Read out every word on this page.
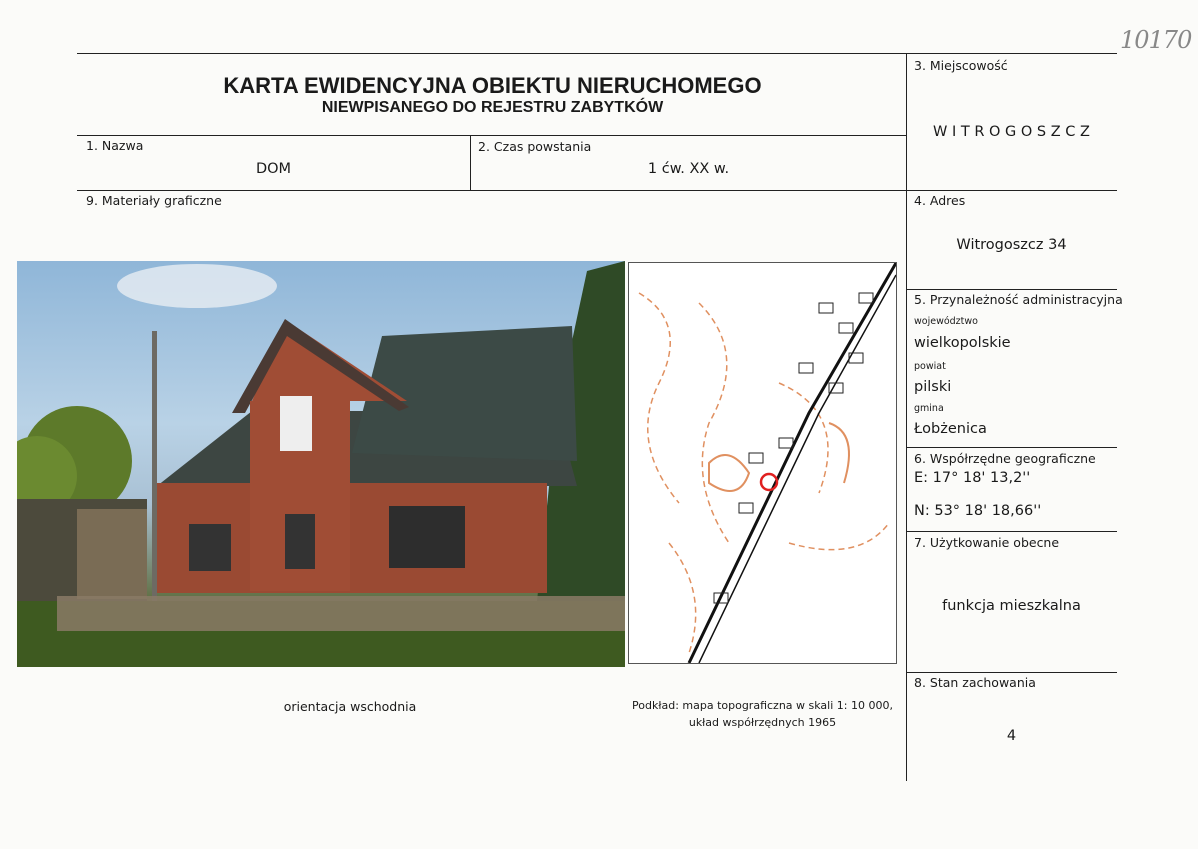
10170
KARTA EWIDENCYJNA OBIEKTU NIERUCHOMEGO
NIEWPISANEGO DO REJESTRU ZABYTKÓW
1. Nazwa
DOM
2. Czas powstania
1 ćw. XX w.
9. Materiały graficzne
3. Miejscowość
W I T R O G O S Z C Z
4. Adres
Witrogoszcz 34
5. Przynależność administracyjna
województwo
wielkopolskie
powiat
pilski
gmina
Łobżenica
6. Współrzędne geograficzne
E: 17° 18' 13,2''
N: 53° 18' 18,66''
7. Użytkowanie obecne
funkcja mieszkalna
8. Stan zachowania
4
orientacja wschodnia	Podkład: mapa topograficzna w skali 1: 10 000,
układ współrzędnych 1965
